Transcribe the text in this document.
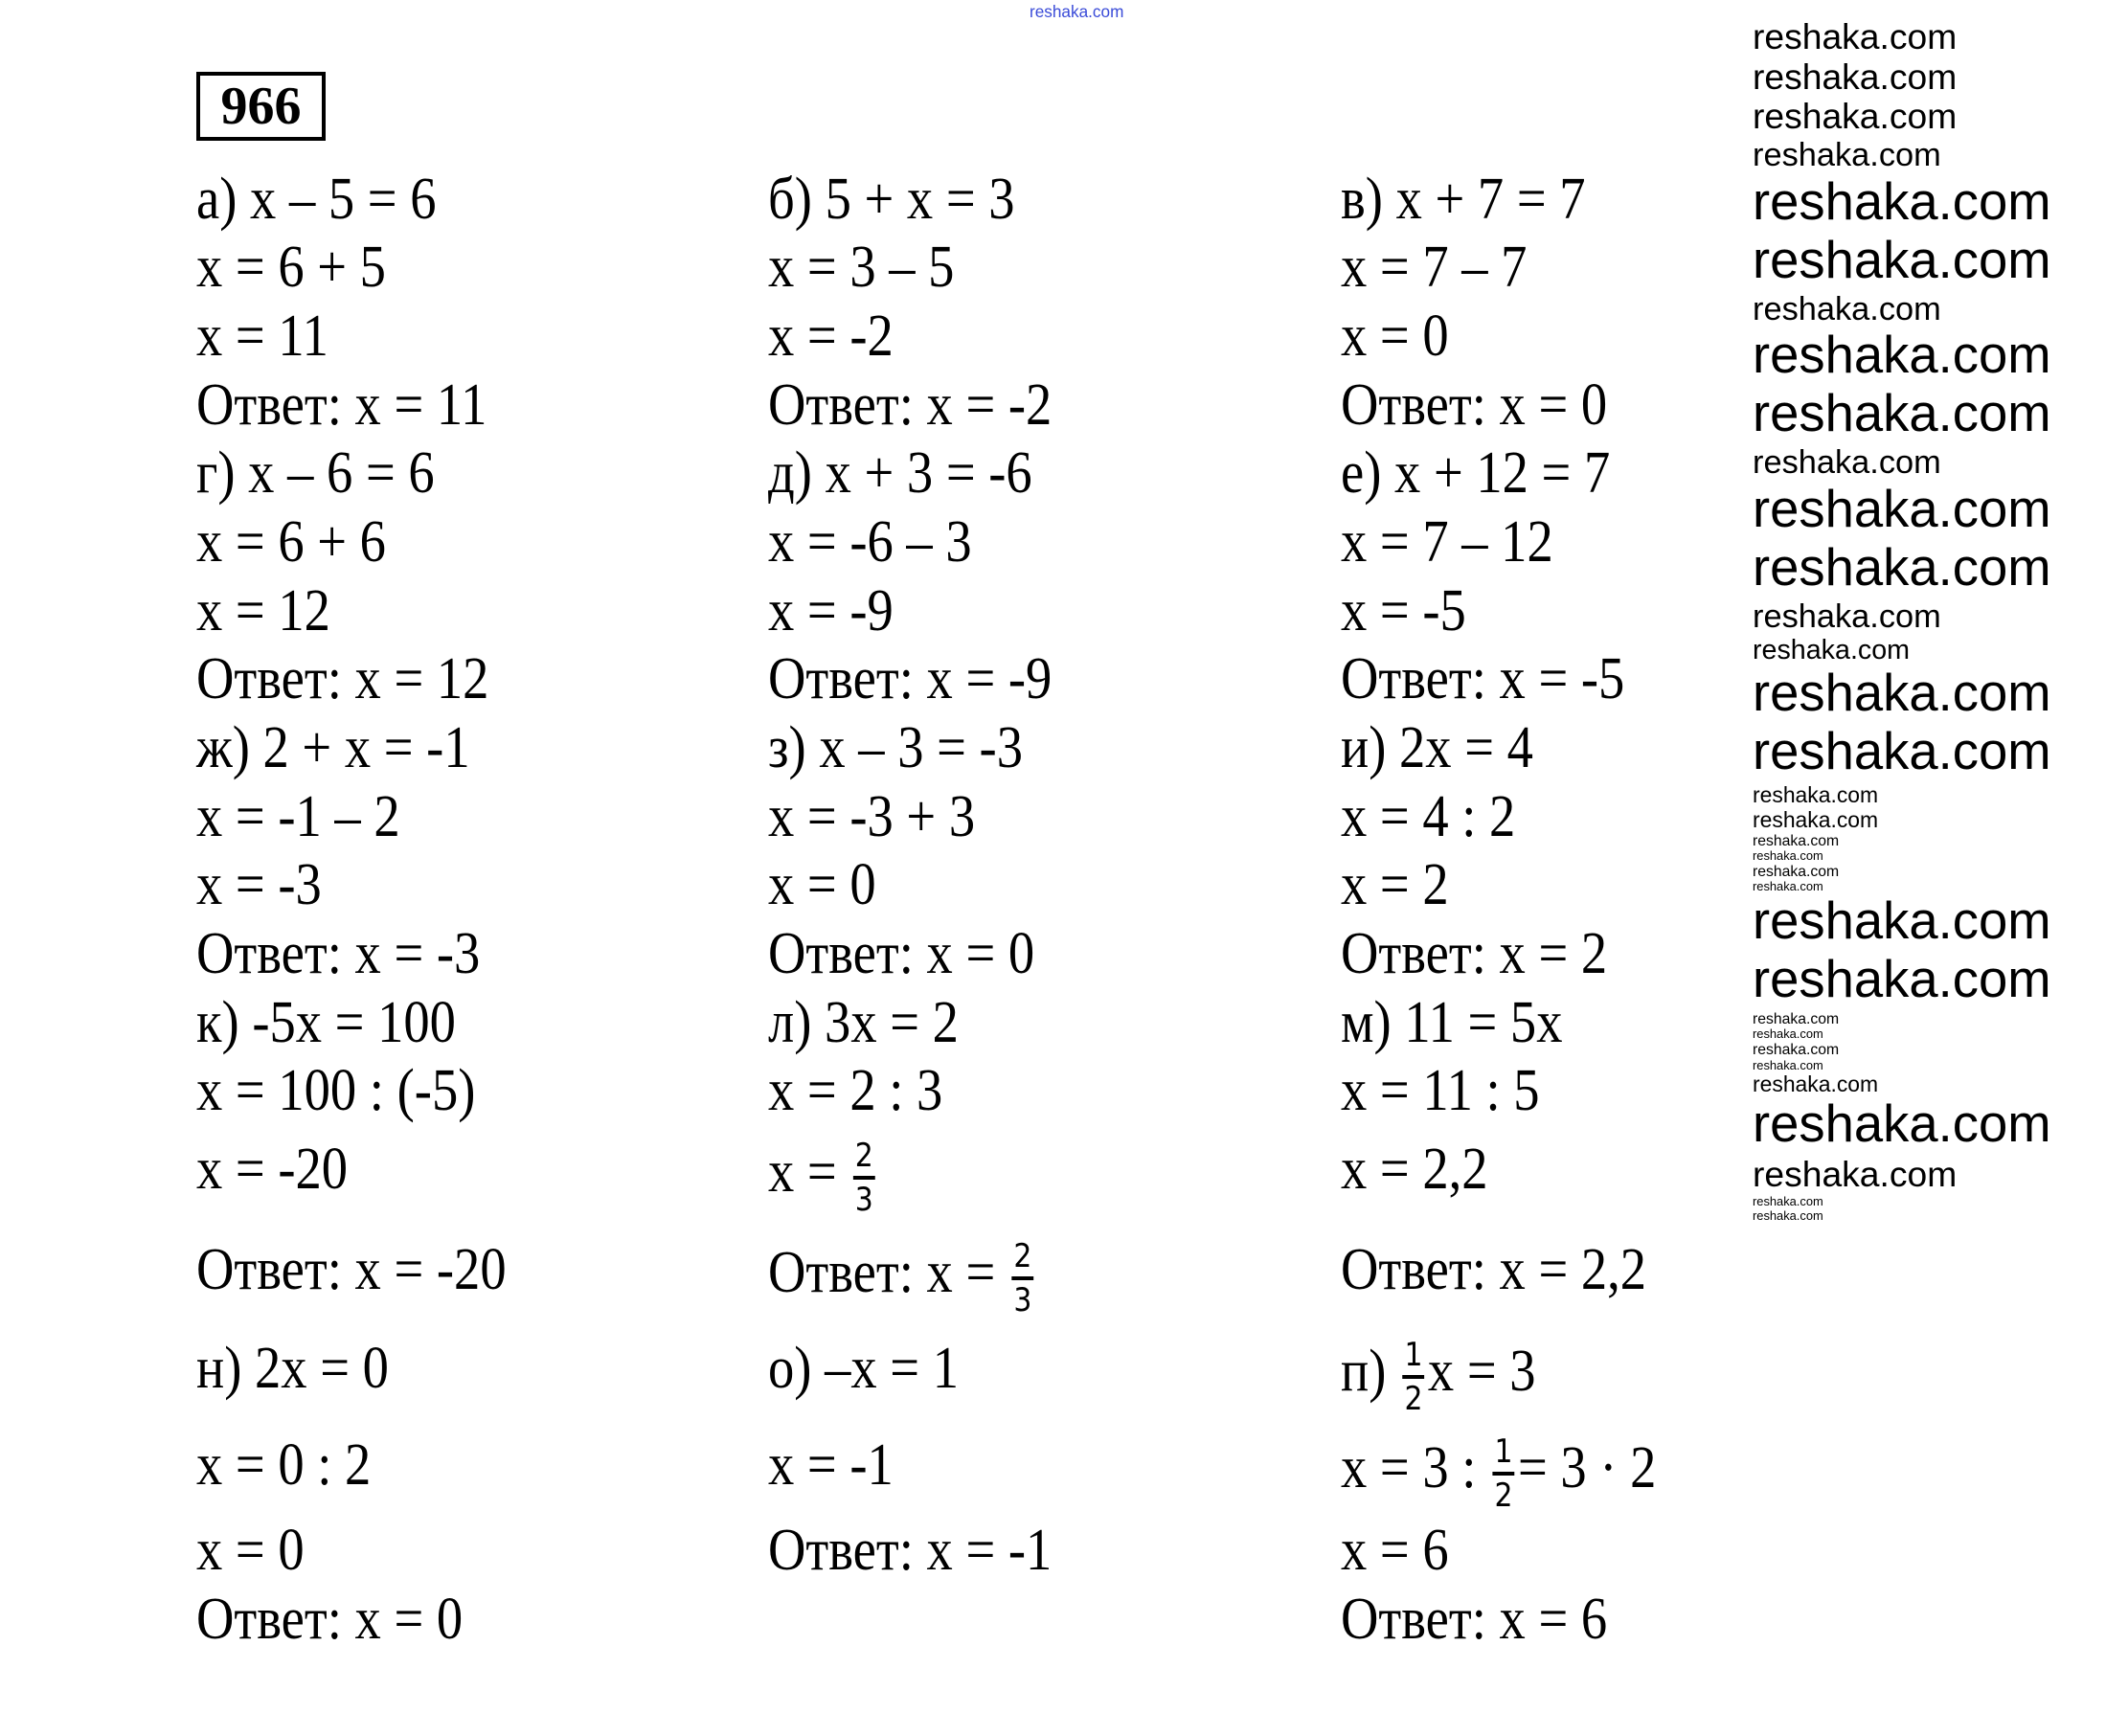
966
а) x – 5 = 6
x = 6 + 5
x = 11
Ответ: x = 11
б) 5 + x = 3
x = 3 – 5
x = -2
Ответ: x = -2
в) x + 7 = 7
x = 7 – 7
x = 0
Ответ: x = 0
г) x – 6 = 6
x = 6 + 6
x = 12
Ответ: x = 12
д) x + 3 = -6
x = -6 – 3
x = -9
Ответ: x = -9
е) x + 12 = 7
x = 7 – 12
x = -5
Ответ: x = -5
ж) 2 + x = -1
x = -1 – 2
x = -3
Ответ: x = -3
з) x – 3 = -3
x = -3 + 3
x = 0
Ответ: x = 0
и) 2x = 4
x = 4 : 2
x = 2
Ответ: x = 2
к) -5x = 100
x = 100 : (-5)
x = -20
Ответ: x = -20
л) 3x = 2
x = 2 : 3
$x = \frac{2}{3}$
Ответ: $x = \frac{2}{3}$
м) 11 = 5x
x = 11 : 5
x = 2,2
Ответ: x = 2,2
н) 2x = 0
x = 0 : 2
x = 0
Ответ: x = 0
о) –x = 1
x = -1
Ответ: x = -1
$п) \frac{1}{2}$ x = 3
x = 3 : $\frac{1}{2} = 3 \cdot 2$
x = 6
Ответ: x = 6
reshaka.com
reshaka.com
reshaka.com
reshaka.com
reshaka.com
reshaka.com
reshaka.com
reshaka.com
reshaka.com
reshaka.com
reshaka.com
reshaka.com
reshaka.com
reshaka.com
reshaka.com
reshaka.com
reshaka.com
reshaka.com
reshaka.com
reshaka.com
reshaka.com
reshaka.com
reshaka.com
reshaka.com
reshaka.com
reshaka.com
reshaka.com
reshaka.com
reshaka.com
reshaka.com
reshaka.com
reshaka.com
reshaka.com
reshaka.com
